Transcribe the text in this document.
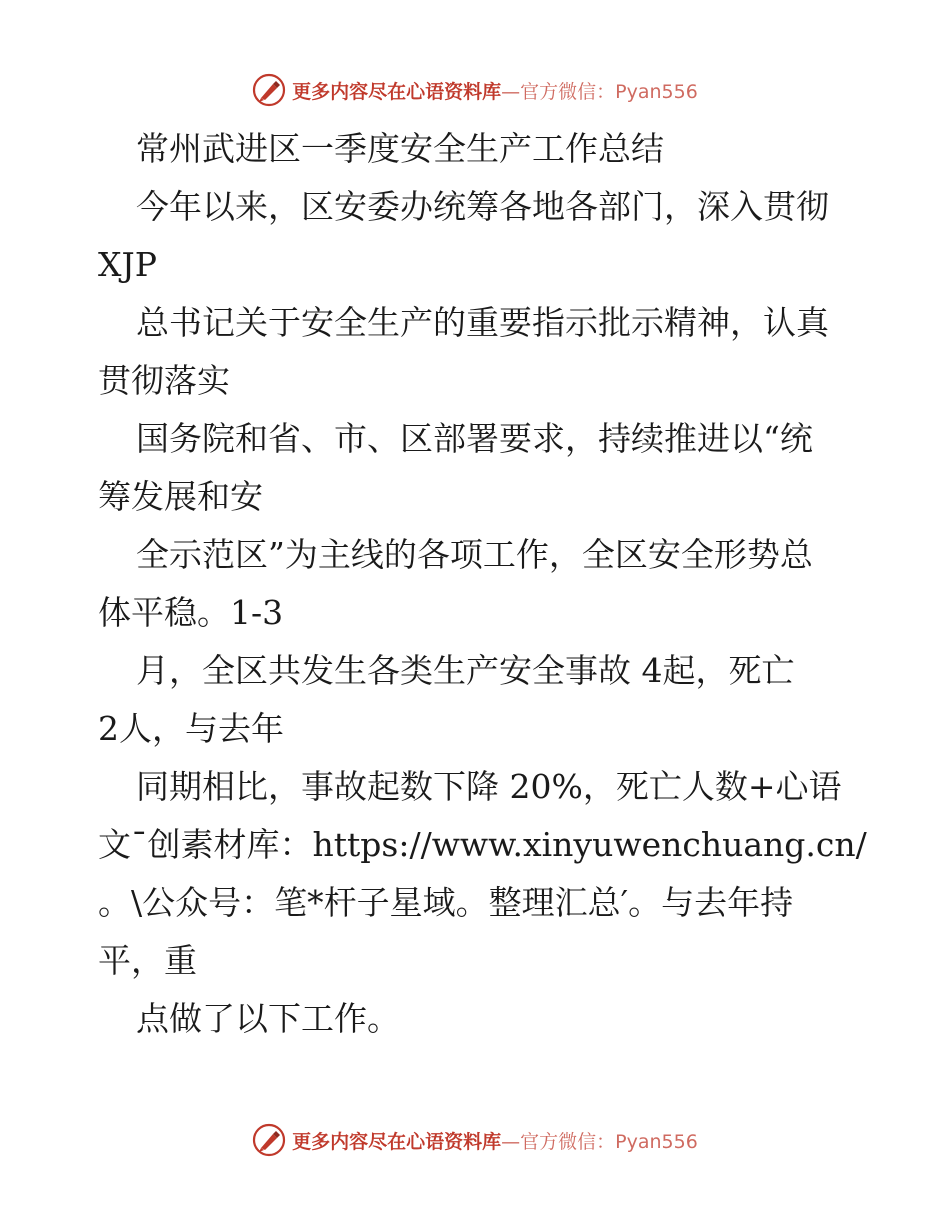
更多内容尽在心语资料库 —官方微信：Pyan556
常州武进区一季度安全生产工作总结
今年以来，区安委办统筹各地各部门，深入贯彻
XJP
总书记关于安全生产的重要指示批示精神，认真
贯彻落实
国务院和省、市、区部署要求，持续推进以“统
筹发展和安
全示范区”为主线的各项工作，全区安全形势总
体平稳。1-3
月，全区共发生各类生产安全事故 4起，死亡
2人，与去年
同期相比，事故起数下降 20%，死亡人数+心语
文¯创素材库：https://www.xinyuwenchuang.cn/
。\公众号：笔*杆子星域。整理汇总′。与去年持
平，重
点做了以下工作。
更多内容尽在心语资料库 —官方微信：Pyan556
